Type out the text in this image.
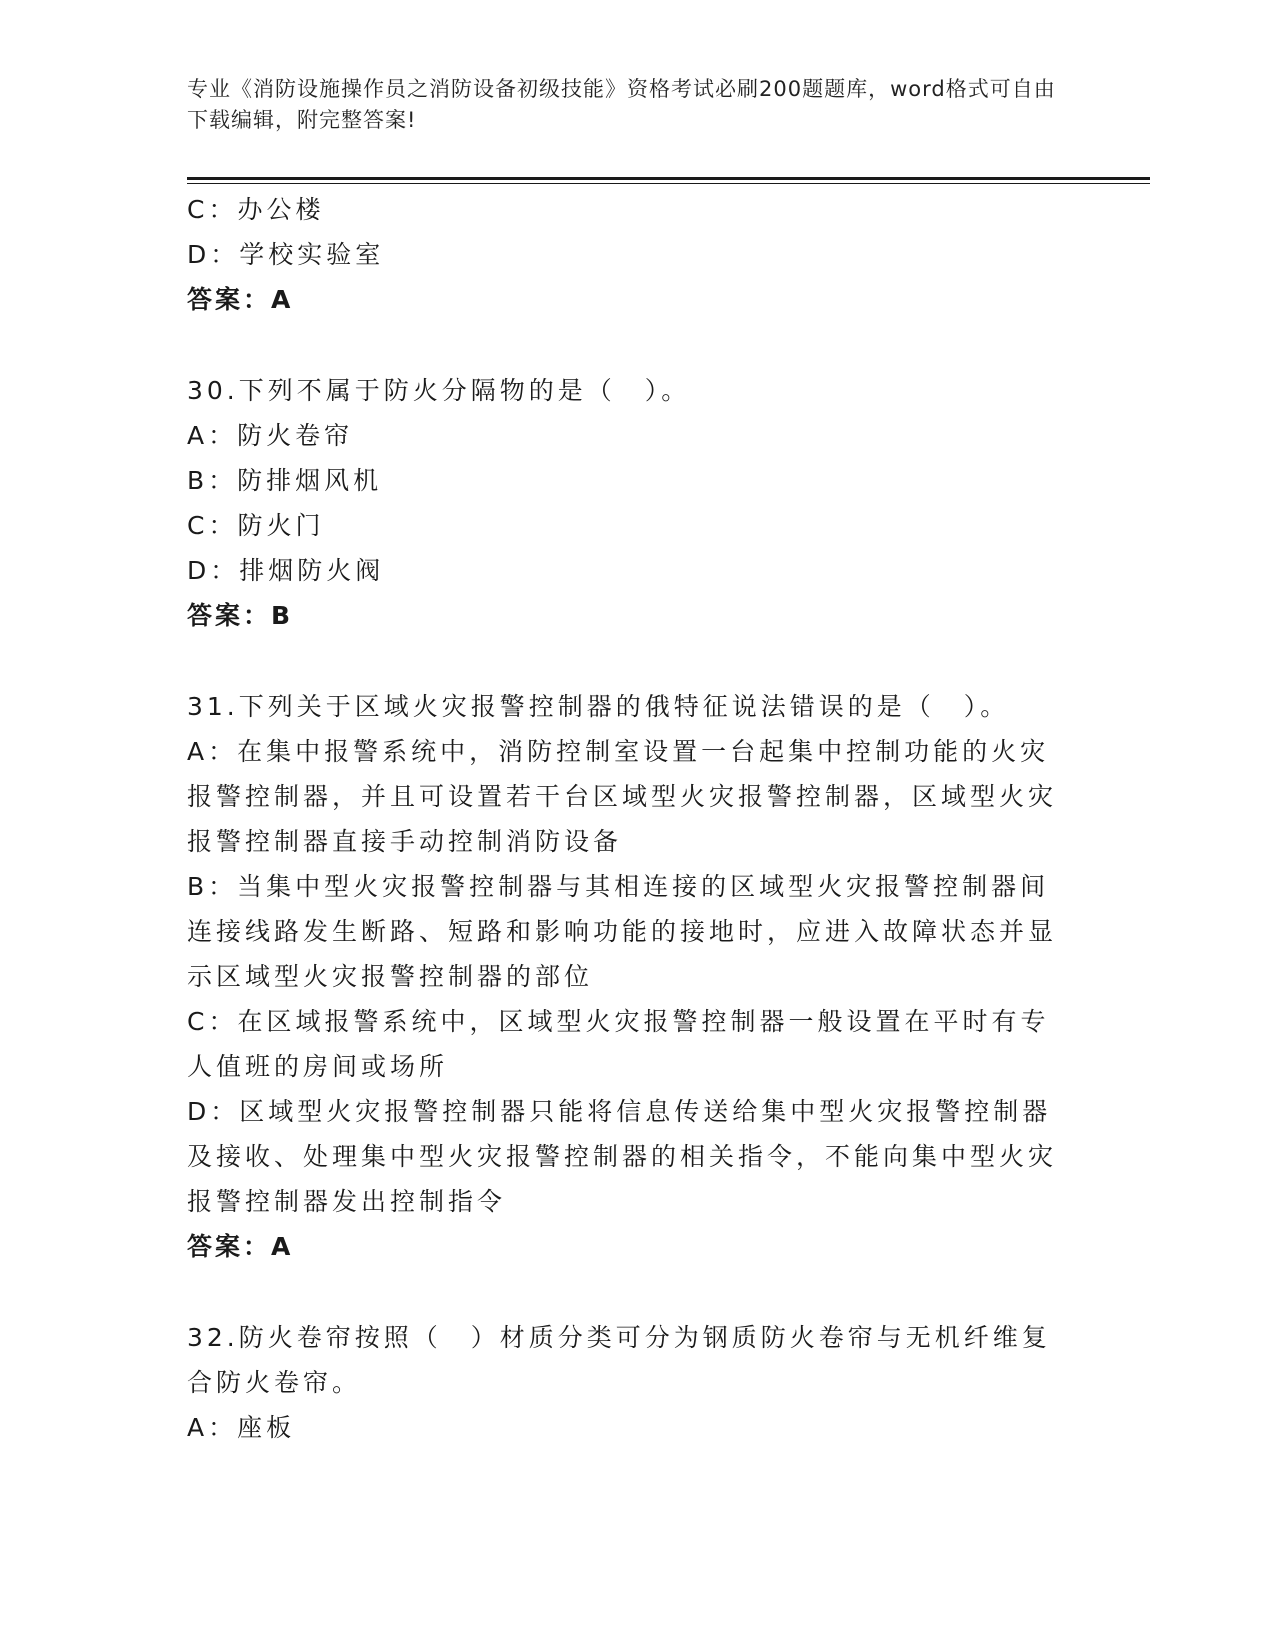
专业《消防设施操作员之消防设备初级技能》资格考试必刷200题题库，word格式可自由下载编辑，附完整答案!

C：办公楼

D：学校实验室

答案：A

30.下列不属于防火分隔物的是（　）。

A：防火卷帘

B：防排烟风机

C：防火门

D：排烟防火阀

答案：B

31.下列关于区域火灾报警控制器的俄特征说法错误的是（　）。

A：在集中报警系统中，消防控制室设置一台起集中控制功能的火灾报警控制器，并且可设置若干台区域型火灾报警控制器，区域型火灾报警控制器直接手动控制消防设备

B：当集中型火灾报警控制器与其相连接的区域型火灾报警控制器间连接线路发生断路、短路和影响功能的接地时，应进入故障状态并显示区域型火灾报警控制器的部位

C：在区域报警系统中，区域型火灾报警控制器一般设置在平时有专人值班的房间或场所

D：区域型火灾报警控制器只能将信息传送给集中型火灾报警控制器及接收、处理集中型火灾报警控制器的相关指令，不能向集中型火灾报警控制器发出控制指令

答案：A

32.防火卷帘按照（　）材质分类可分为钢质防火卷帘与无机纤维复合防火卷帘。

A：座板
